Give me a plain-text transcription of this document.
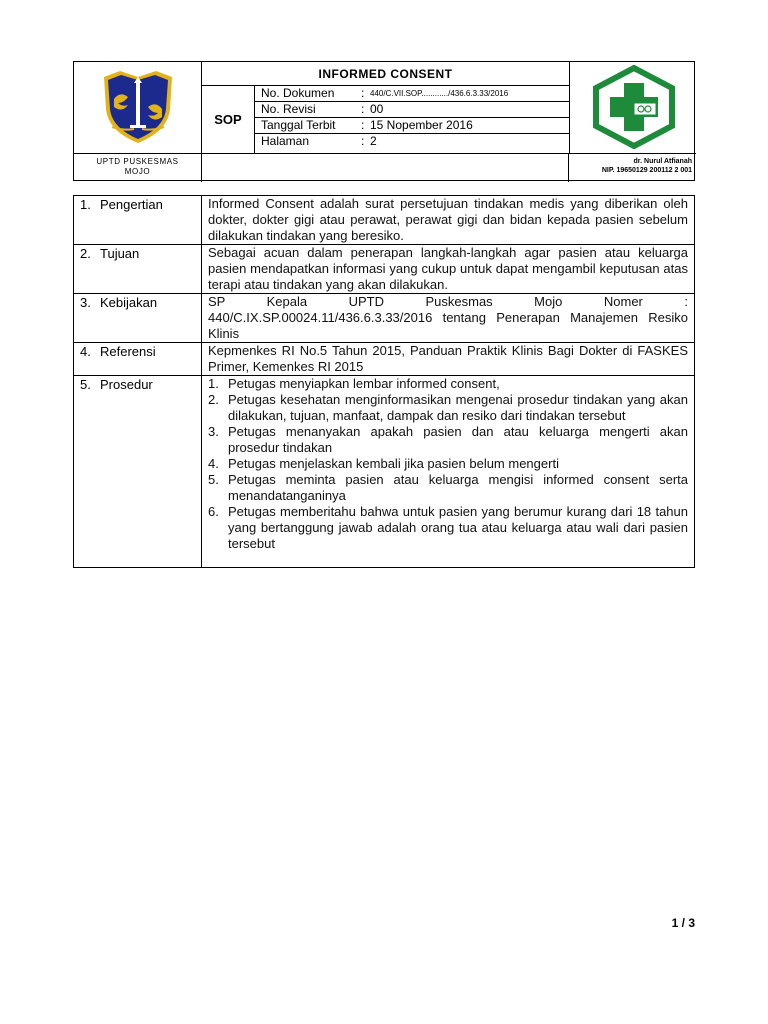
UPTD PUSKESMAS
MOJO
INFORMED CONSENT
SOP
No. Dokumen : 440/C.VII.SOP............/436.6.3.33/2016
No. Revisi	: 00
Tanggal Terbit : 15 Nopember 2016
Halaman	: 2
dr. Nurul Atfianah
NIP. 19650129 200112 2 001
1. Pengertian	Informed Consent adalah surat persetujuan tindakan medis yang diberikan oleh dokter, dokter gigi atau perawat, perawat gigi dan bidan kepada pasien sebelum dilakukan tindakan yang beresiko.
2. Tujuan	Sebagai acuan dalam penerapan langkah-langkah agar pasien atau keluarga pasien mendapatkan informasi yang cukup untuk dapat mengambil keputusan atas terapi atau tindakan yang akan dilakukan.
3. Kebijakan	SP Kepala UPTD Puskesmas Mojo Nomer : 440/C.IX.SP.00024.11/436.6.3.33/2016 tentang Penerapan Manajemen Resiko Klinis
4. Referensi	Kepmenkes RI No.5 Tahun 2015, Panduan Praktik Klinis Bagi Dokter di FASKES Primer, Kemenkes RI 2015
5. Prosedur	1. Petugas menyiapkan lembar informed consent,
2. Petugas kesehatan menginformasikan mengenai prosedur tindakan yang akan dilakukan, tujuan, manfaat, dampak dan resiko dari tindakan tersebut
3. Petugas menanyakan apakah pasien dan atau keluarga mengerti akan prosedur tindakan
4. Petugas menjelaskan kembali jika pasien belum mengerti
5. Petugas meminta pasien atau keluarga mengisi informed consent serta menandatanganinya
6. Petugas memberitahu bahwa untuk pasien yang berumur kurang dari 18 tahun yang bertanggung jawab adalah orang tua atau keluarga atau wali dari pasien tersebut
1 / 3
